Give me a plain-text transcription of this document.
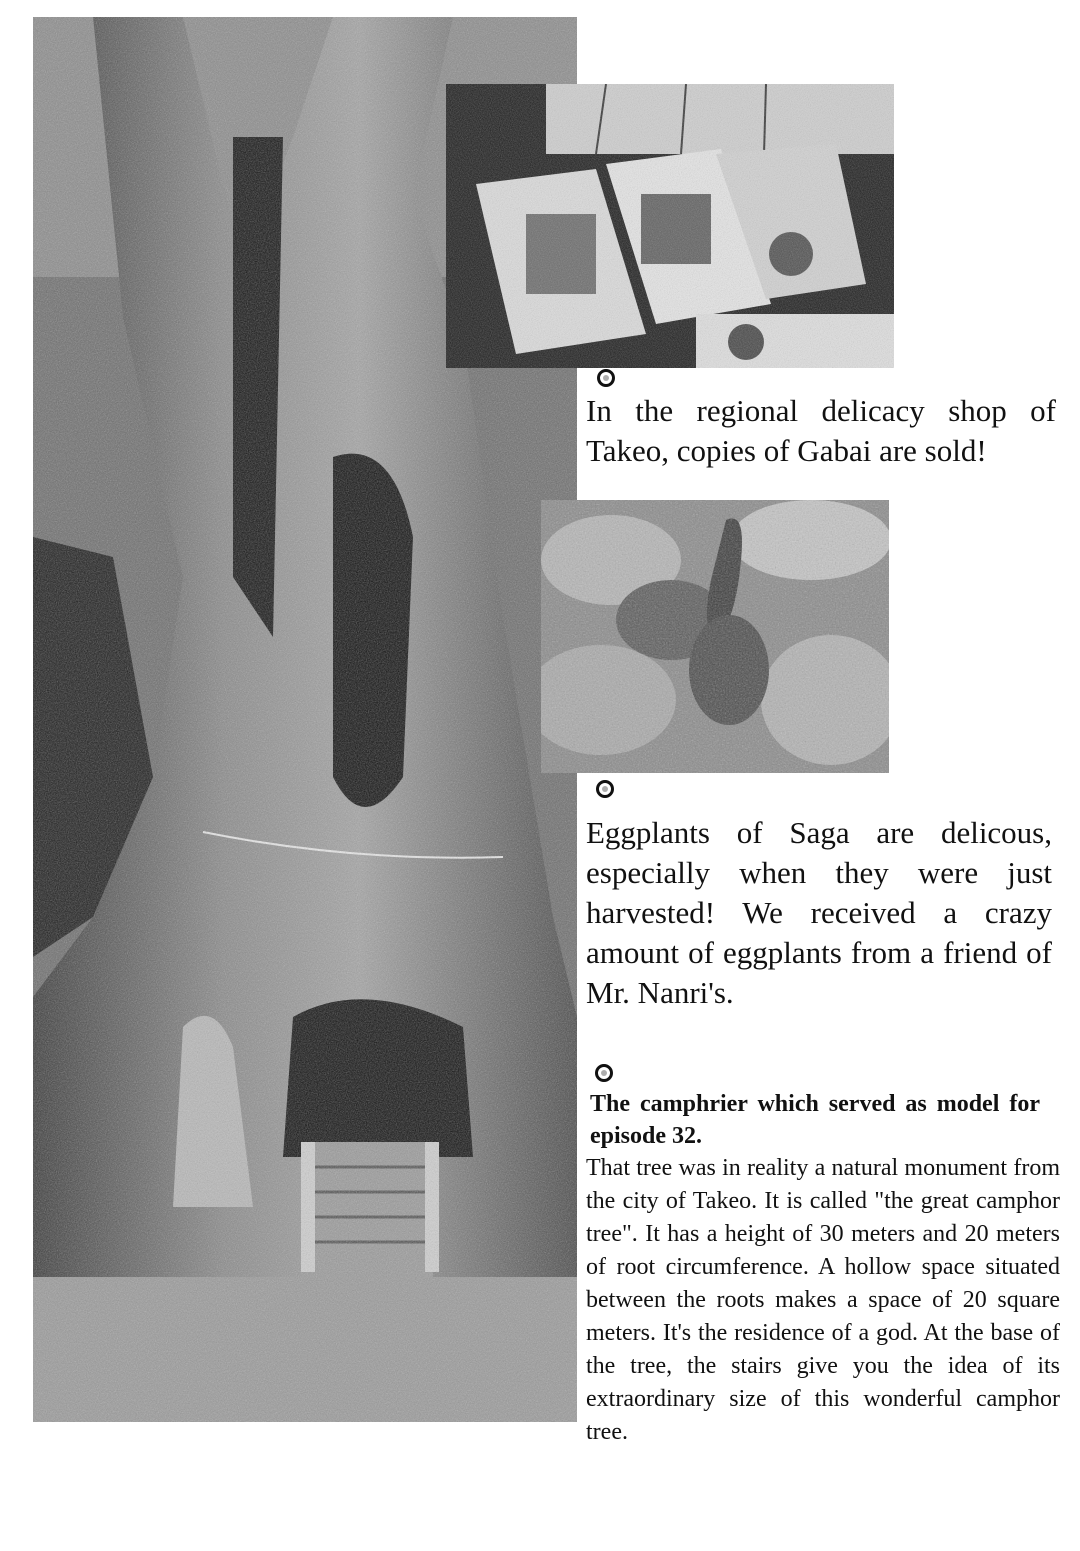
In the regional delicacy shop of Takeo, copies of Gabai are sold!
Eggplants of Saga are delicous, especially when they were just harvested! We received a crazy amount of eggplants from a friend of Mr. Nanri's.
The camphrier which served as model for episode 32.
That tree was in reality a natural monument from the city of Takeo. It is called "the great camphor tree". It has a height of 30 meters and 20 meters of root circumference. A hollow space situated between the roots makes a space of 20 square meters. It's the residence of a god. At the base of the tree, the stairs give you the idea of its extraordinary size of this wonderful camphor tree.
